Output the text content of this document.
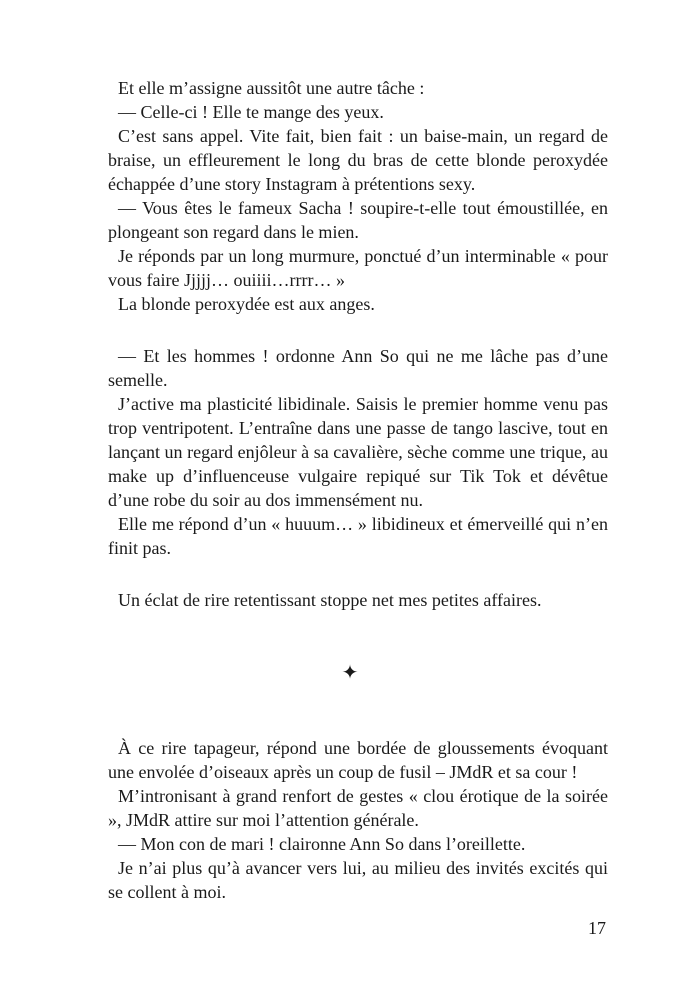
Et elle m’assigne aussitôt une autre tâche :

— Celle-ci ! Elle te mange des yeux.

C’est sans appel. Vite fait, bien fait : un baise-main, un regard de braise, un effleurement le long du bras de cette blonde peroxydée échappée d’une story Instagram à prétentions sexy.

— Vous êtes le fameux Sacha ! soupire-t-elle tout émoustillée, en plongeant son regard dans le mien.

Je réponds par un long murmure, ponctué d’un interminable « pour vous faire Jjjjj… ouiiii…rrrr… »

La blonde peroxydée est aux anges.

— Et les hommes ! ordonne Ann So qui ne me lâche pas d’une semelle.

J’active ma plasticité libidinale. Saisis le premier homme venu pas trop ventripotent. L’entraîne dans une passe de tango lascive, tout en lançant un regard enjôleur à sa cavalière, sèche comme une trique, au make up d’influenceuse vulgaire repiqué sur Tik Tok et dévêtue d’une robe du soir au dos immensément nu.

Elle me répond d’un « huuum… » libidineux et émerveillé qui n’en finit pas.

Un éclat de rire retentissant stoppe net mes petites affaires.

✦

À ce rire tapageur, répond une bordée de gloussements évoquant une envolée d’oiseaux après un coup de fusil – JMdR et sa cour !

M’intronisant à grand renfort de gestes « clou érotique de la soirée », JMdR attire sur moi l’attention générale.

— Mon con de mari ! claironne Ann So dans l’oreillette.

Je n’ai plus qu’à avancer vers lui, au milieu des invités excités qui se collent à moi.

17
